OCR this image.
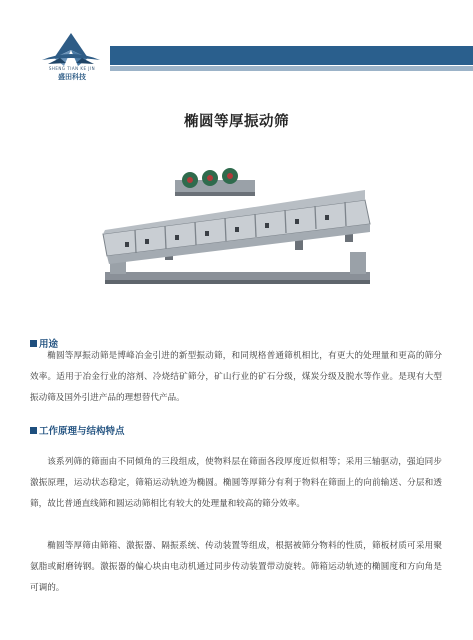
SHENG TIAN KE JIN
盛田科技
椭圆等厚振动筛
用途

椭圆等厚振动筛是博峰冶金引进的新型振动筛，和同规格普通筛机相比，有更大的处理量和更高的筛分效率。适用于冶金行业的溶剂、冷烧结矿筛分，矿山行业的矿石分级，煤炭分级及脱水等作业。是现有大型振动筛及国外引进产品的理想替代产品。

工作原理与结构特点

该系列筛的筛面由不同倾角的三段组成，使物料层在筛面各段厚度近似相等；采用三轴驱动，强迫同步激振原理，运动状态稳定，筛箱运动轨迹为椭圆。椭圆等厚筛分有利于物料在筛面上的向前输送、分层和透筛，故比普通直线筛和圆运动筛相比有较大的处理量和较高的筛分效率。

椭圆等厚筛由筛箱、激振器、隔振系统、传动装置等组成，根据被筛分物料的性质，筛板材质可采用聚氨脂或耐磨铸钢。激振器的偏心块由电动机通过同步传动装置带动旋转。筛箱运动轨迹的椭圆度和方向角是可调的。
